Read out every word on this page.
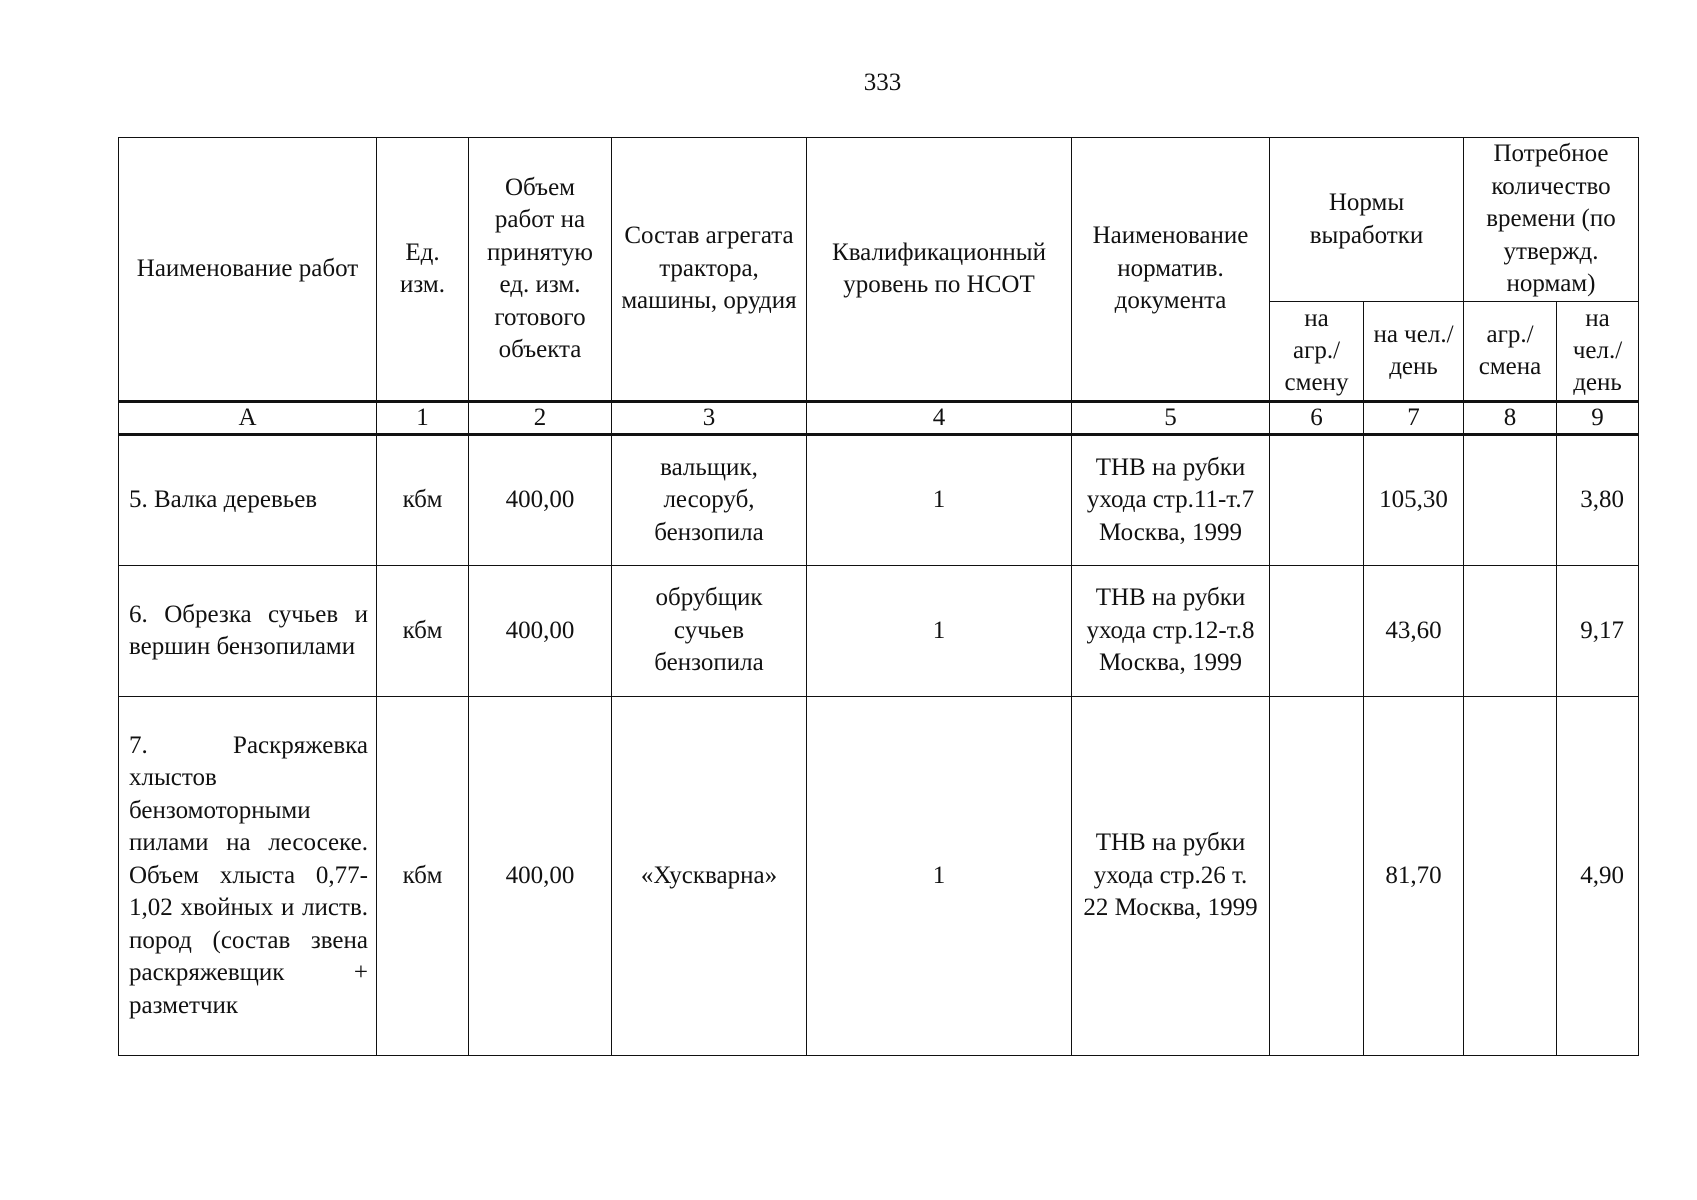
333
Наименование работ	Ед. изм.	Объем работ на принятую ед. изм. готового объекта	Состав агрегата трактора, машины, орудия	Квалификационный уровень по НСОТ	Наименование норматив. документа	Нормы выработки		Потребное количество времени (по утвержд. нормам)	
						на агр./ смену	на чел./ день	агр./ смена	на чел./ день
А	1	2	3	4	5	6	7	8	9
5. Валка деревьев	кбм	400,00	вальщик, лесоруб, бензопила	1	ТНВ на рубки ухода стр.11-т.7 Москва, 1999		105,30		3,80
6. Обрезка сучьев и вершин бензопилами	кбм	400,00	обрубщик сучьев бензопила	1	ТНВ на рубки ухода стр.12-т.8 Москва, 1999		43,60		9,17
7. Раскряжевка хлыстов бензомоторными пилами на лесосеке. Объем хлыста 0,77-1,02 хвойных и листв. пород (состав звена раскряжевщик + разметчик	кбм	400,00	«Хускварна»	1	ТНВ на рубки ухода стр.26 т. 22 Москва, 1999		81,70		4,90
